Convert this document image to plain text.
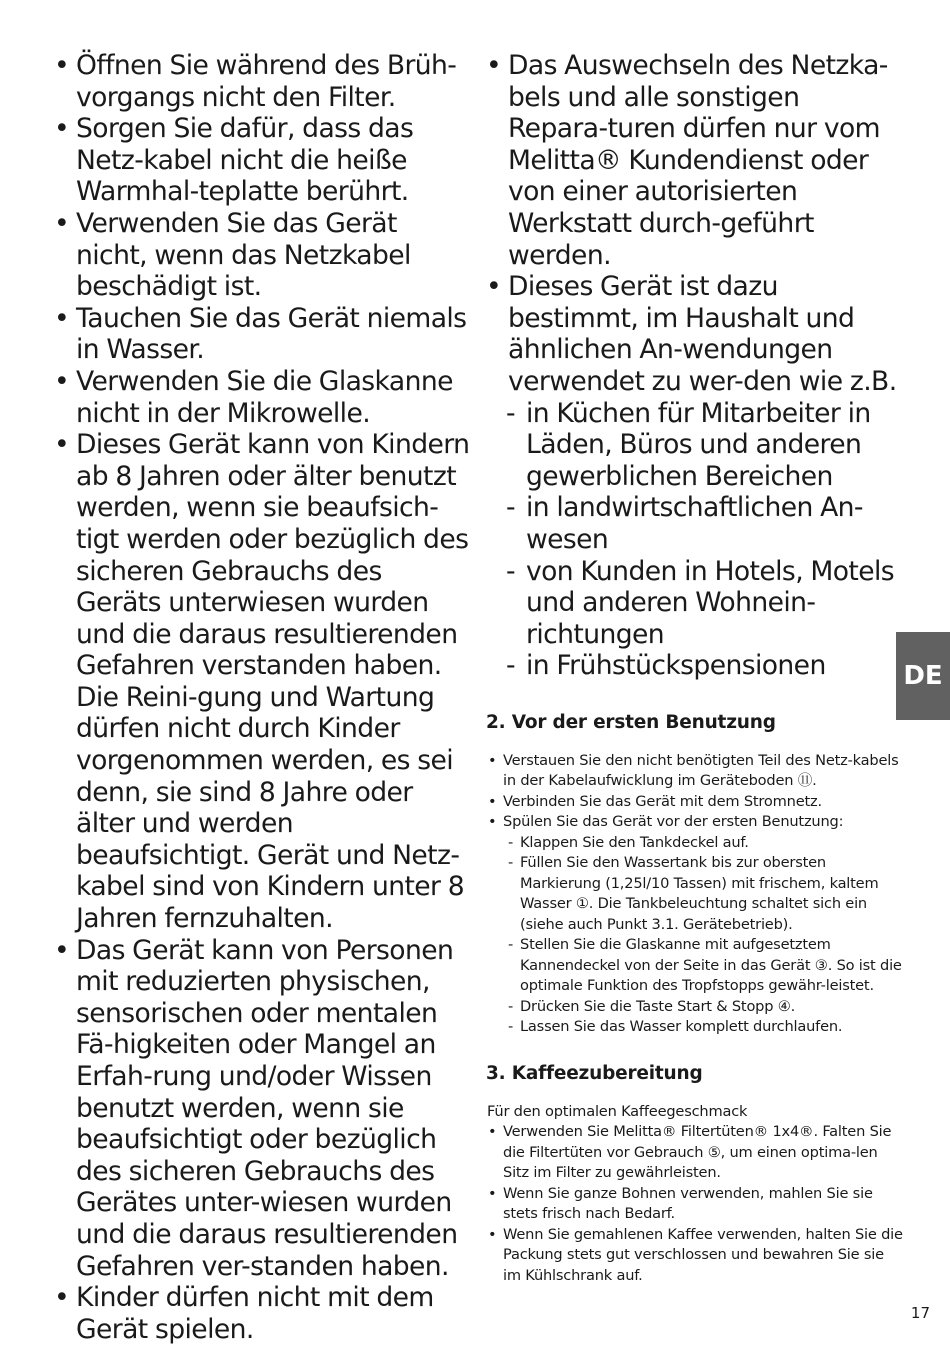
• Öffnen Sie während des Brüh-vorgangs nicht den Filter.
• Sorgen Sie dafür, dass das Netz-kabel nicht die heiße Warmhal-teplatte berührt.
• Verwenden Sie das Gerät nicht, wenn das Netzkabel beschädigt ist.
• Tauchen Sie das Gerät niemals in Wasser.
• Verwenden Sie die Glaskanne nicht in der Mikrowelle.
• Dieses Gerät kann von Kindern ab 8 Jahren oder älter benutzt werden, wenn sie beaufsich-tigt werden oder bezüglich des sicheren Gebrauchs des Geräts unterwiesen wurden und die daraus resultierenden Gefahren verstanden haben. Die Reini-gung und Wartung dürfen nicht durch Kinder vorgenommen werden, es sei denn, sie sind 8 Jahre oder älter und werden beaufsichtigt. Gerät und Netz-kabel sind von Kindern unter 8 Jahren fernzuhalten.
• Das Gerät kann von Personen mit reduzierten physischen, sensorischen oder mentalen Fä-higkeiten oder Mangel an Erfah-rung und/oder Wissen benutzt werden, wenn sie beaufsichtigt oder bezüglich des sicheren Gebrauchs des Gerätes unter-wiesen wurden und die daraus resultierenden Gefahren ver-standen haben.
• Kinder dürfen nicht mit dem Gerät spielen.
• Das Auswechseln des Netzka-bels und alle sonstigen Repara-turen dürfen nur vom Melitta® Kundendienst oder von einer autorisierten Werkstatt durch-geführt werden.
• Dieses Gerät ist dazu bestimmt, im Haushalt und ähnlichen An-wendungen verwendet zu wer-den wie z.B.
- in Küchen für Mitarbeiter in Läden, Büros und anderen gewerblichen Bereichen
- in landwirtschaftlichen An-wesen
- von Kunden in Hotels, Motels und anderen Wohnein-richtungen
- in Frühstückspensionen
2. Vor der ersten Benutzung
• Verstauen Sie den nicht benötigten Teil des Netz-kabels in der Kabelaufwicklung im Geräteboden ⑪.
• Verbinden Sie das Gerät mit dem Stromnetz.
• Spülen Sie das Gerät vor der ersten Benutzung:
- Klappen Sie den Tankdeckel auf.
- Füllen Sie den Wassertank bis zur obersten Markierung (1,25l/10 Tassen) mit frischem, kaltem Wasser ①. Die Tankbeleuchtung schaltet sich ein (siehe auch Punkt 3.1. Gerätebetrieb).
- Stellen Sie die Glaskanne mit aufgesetztem Kannendeckel von der Seite in das Gerät ③. So ist die optimale Funktion des Tropfstopps gewähr-leistet.
- Drücken Sie die Taste Start & Stopp ④.
- Lassen Sie das Wasser komplett durchlaufen.
3. Kaffeezubereitung

Für den optimalen Kaffeegeschmack

• Verwenden Sie Melitta® Filtertüten® 1x4®. Falten Sie die Filtertüten vor Gebrauch ⑤, um einen optima-len Sitz im Filter zu gewährleisten.
• Wenn Sie ganze Bohnen verwenden, mahlen Sie sie stets frisch nach Bedarf.
• Wenn Sie gemahlenen Kaffee verwenden, halten Sie die Packung stets gut verschlossen und bewahren Sie sie im Kühlschrank auf.
DE
17
